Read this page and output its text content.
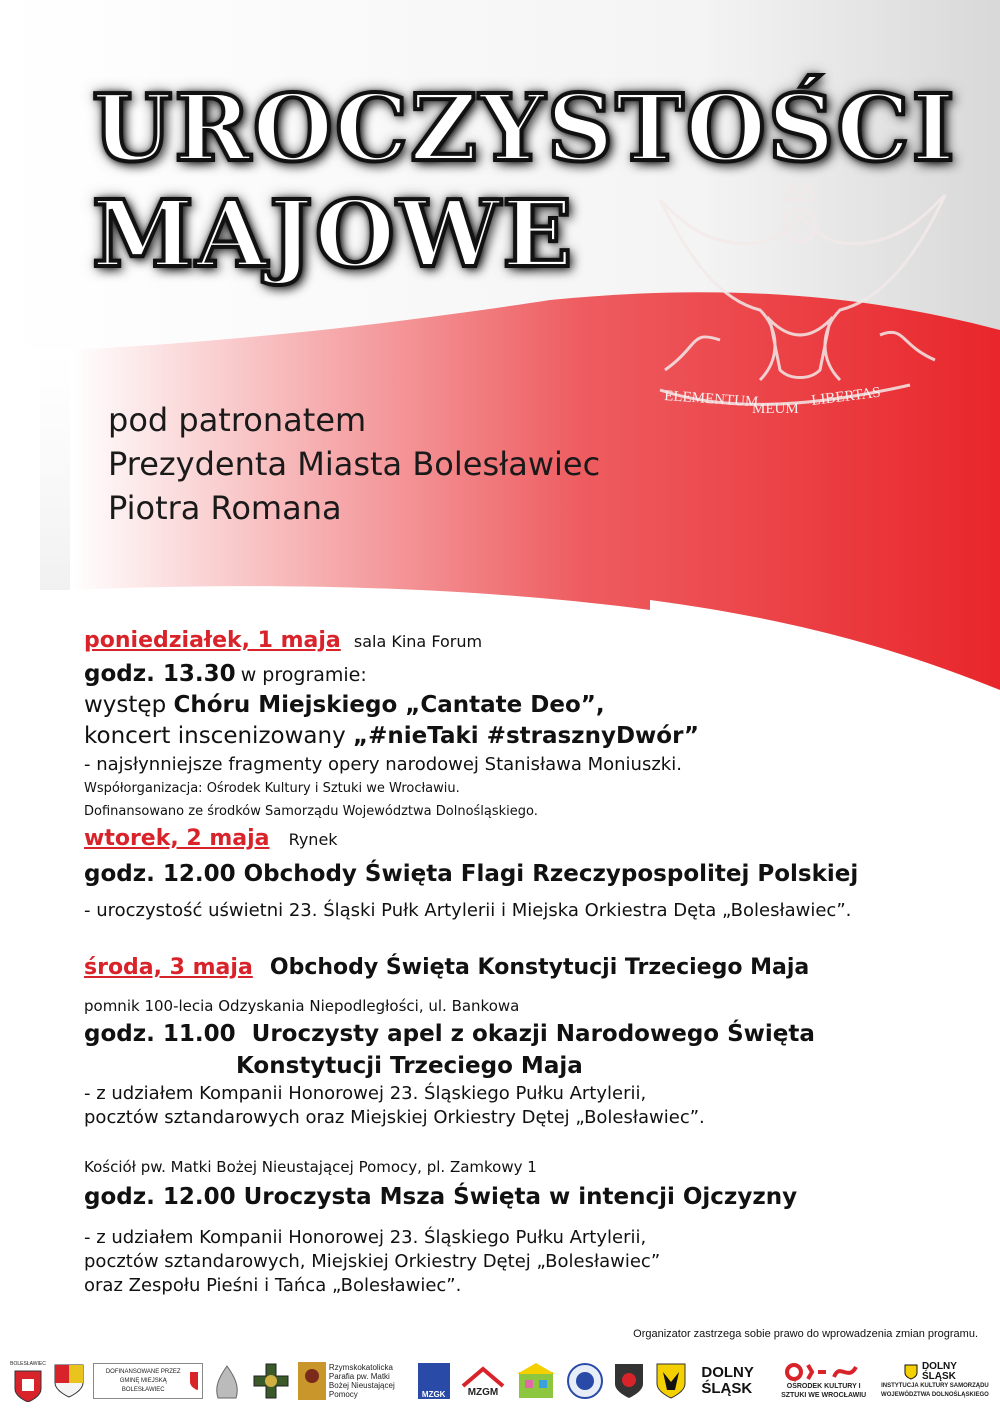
ELEMENTUM
MEUM
LIBERTAS
UROCZYSTOŚCI
MAJOWE
pod patronatem
Prezydenta Miasta Bolesławiec
Piotra Romana
poniedziałek, 1 maja sala Kina Forum
godz. 13.30 w programie:
występ Chóru Miejskiego „Cantate Deo”,
koncert inscenizowany „#nieTaki #strasznyDwór”
- najsłynniejsze fragmenty opery narodowej Stanisława Moniuszki.
Współorganizacja: Ośrodek Kultury i Sztuki we Wrocławiu.
Dofinansowano ze środków Samorządu Województwa Dolnośląskiego.
wtorek, 2 maja Rynek
godz. 12.00 Obchody Święta Flagi Rzeczypospolitej Polskiej
- uroczystość uświetni 23. Śląski Pułk Artylerii i Miejska Orkiestra Dęta „Bolesławiec”.
środa, 3 maja Obchody Święta Konstytucji Trzeciego Maja
pomnik 100-lecia Odzyskania Niepodległości, ul. Bankowa
godz. 11.00 Uroczysty apel z okazji Narodowego Święta
Konstytucji Trzeciego Maja
- z udziałem Kompanii Honorowej 23. Śląskiego Pułku Artylerii,
pocztów sztandarowych oraz Miejskiej Orkiestry Dętej „Bolesławiec”.
Kościół pw. Matki Bożej Nieustającej Pomocy, pl. Zamkowy 1
godz. 12.00 Uroczysta Msza Święta w intencji Ojczyzny
- z udziałem Kompanii Honorowej 23. Śląskiego Pułku Artylerii,
pocztów sztandarowych, Miejskiej Orkiestry Dętej „Bolesławiec”
oraz Zespołu Pieśni i Tańca „Bolesławiec”.
Organizator zastrzega sobie prawo do wprowadzenia zmian programu.
BOLESŁAWIEC
DOFINANSOWANE PRZEZ GMINĘ MIEJSKĄ BOLESŁAWIEC
Rzymskokatolicka Parafia pw. Matki Bożej Nieustającej Pomocy	MZGK	MZGM
DOLNY ŚLĄSK	OŚRODEK KULTURY I SZTUKI WE WROCŁAWIU
DOLNY ŚLĄSK
INSTYTUCJA KULTURY SAMORZĄDU WOJEWÓDZTWA DOLNOŚLĄSKIEGO
